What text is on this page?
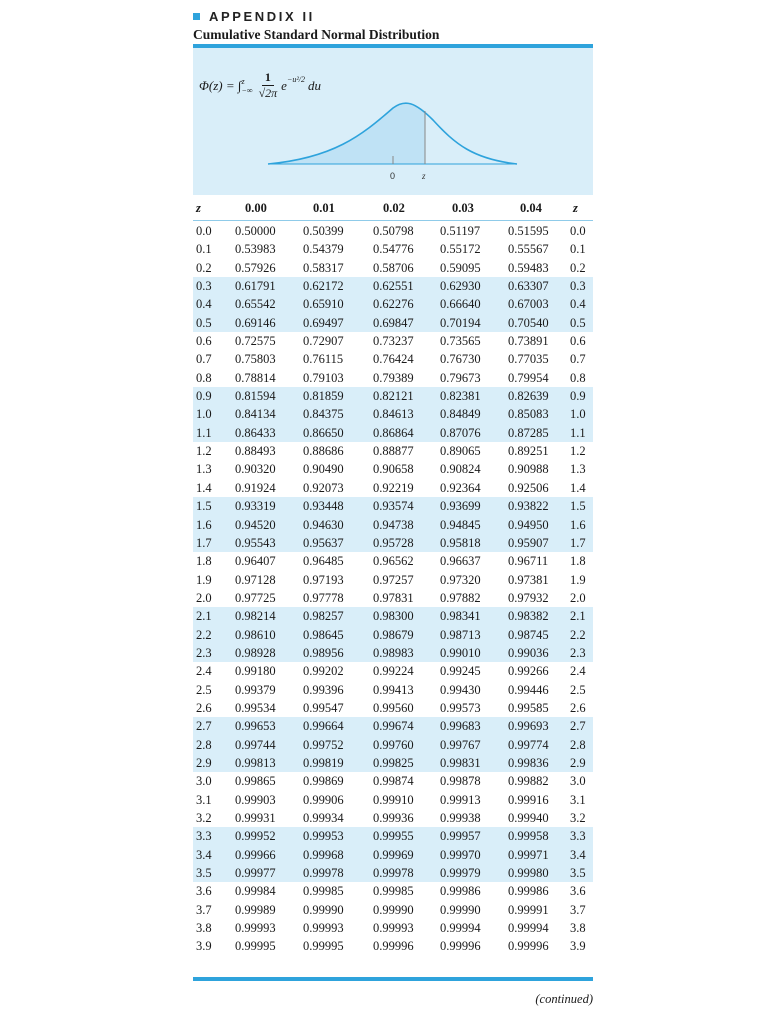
APPENDIX II
Cumulative Standard Normal Distribution
Φ(z) = ∫ z
−∞ $\frac{1}{√2\pi} e^{-u^2/2}$ du
0	z
z	0.00	0.01	0.02	0.03	0.04 z
0.0 0.50000 0.50399 0.50798 0.51197 0.51595 0.0
0.1 0.53983 0.54379 0.54776 0.55172 0.55567 0.1
0.2 0.57926 0.58317 0.58706 0.59095 0.59483 0.2
0.3 0.61791 0.62172 0.62551 0.62930 0.63307 0.3
0.4 0.65542 0.65910 0.62276 0.66640 0.67003 0.4
0.5 0.69146 0.69497 0.69847 0.70194 0.70540 0.5
0.6 0.72575 0.72907 0.73237 0.73565 0.73891 0.6
0.7 0.75803 0.76115 0.76424 0.76730 0.77035 0.7
0.8 0.78814 0.79103 0.79389 0.79673 0.79954 0.8
0.9 0.81594 0.81859 0.82121 0.82381 0.82639 0.9
1.0 0.84134 0.84375 0.84613 0.84849 0.85083 1.0
1.1 0.86433 0.86650 0.86864 0.87076 0.87285 1.1
1.2 0.88493 0.88686 0.88877 0.89065 0.89251 1.2
1.3 0.90320 0.90490 0.90658 0.90824 0.90988 1.3
1.4 0.91924 0.92073 0.92219 0.92364 0.92506 1.4
1.5 0.93319 0.93448 0.93574 0.93699 0.93822 1.5
1.6 0.94520 0.94630 0.94738 0.94845 0.94950 1.6
1.7 0.95543 0.95637 0.95728 0.95818 0.95907 1.7
1.8 0.96407 0.96485 0.96562 0.96637 0.96711 1.8
1.9 0.97128 0.97193 0.97257 0.97320 0.97381 1.9
2.0 0.97725 0.97778 0.97831 0.97882 0.97932 2.0
2.1 0.98214 0.98257 0.98300 0.98341 0.98382 2.1
2.2 0.98610 0.98645 0.98679 0.98713 0.98745 2.2
2.3 0.98928 0.98956 0.98983 0.99010 0.99036 2.3
2.4 0.99180 0.99202 0.99224 0.99245 0.99266 2.4
2.5 0.99379 0.99396 0.99413 0.99430 0.99446 2.5
2.6 0.99534 0.99547 0.99560 0.99573 0.99585 2.6
2.7 0.99653 0.99664 0.99674 0.99683 0.99693 2.7
2.8 0.99744 0.99752 0.99760 0.99767 0.99774 2.8
2.9 0.99813 0.99819 0.99825 0.99831 0.99836 2.9
3.0 0.99865 0.99869 0.99874 0.99878 0.99882 3.0
3.1 0.99903 0.99906 0.99910 0.99913 0.99916 3.1
3.2 0.99931 0.99934 0.99936 0.99938 0.99940 3.2
3.3 0.99952 0.99953 0.99955 0.99957 0.99958 3.3
3.4 0.99966 0.99968 0.99969 0.99970 0.99971 3.4
3.5 0.99977 0.99978 0.99978 0.99979 0.99980 3.5
3.6 0.99984 0.99985 0.99985 0.99986 0.99986 3.6
3.7 0.99989 0.99990 0.99990 0.99990 0.99991 3.7
3.8 0.99993 0.99993 0.99993 0.99994 0.99994 3.8
3.9 0.99995 0.99995 0.99996 0.99996 0.99996 3.9
(continued)
